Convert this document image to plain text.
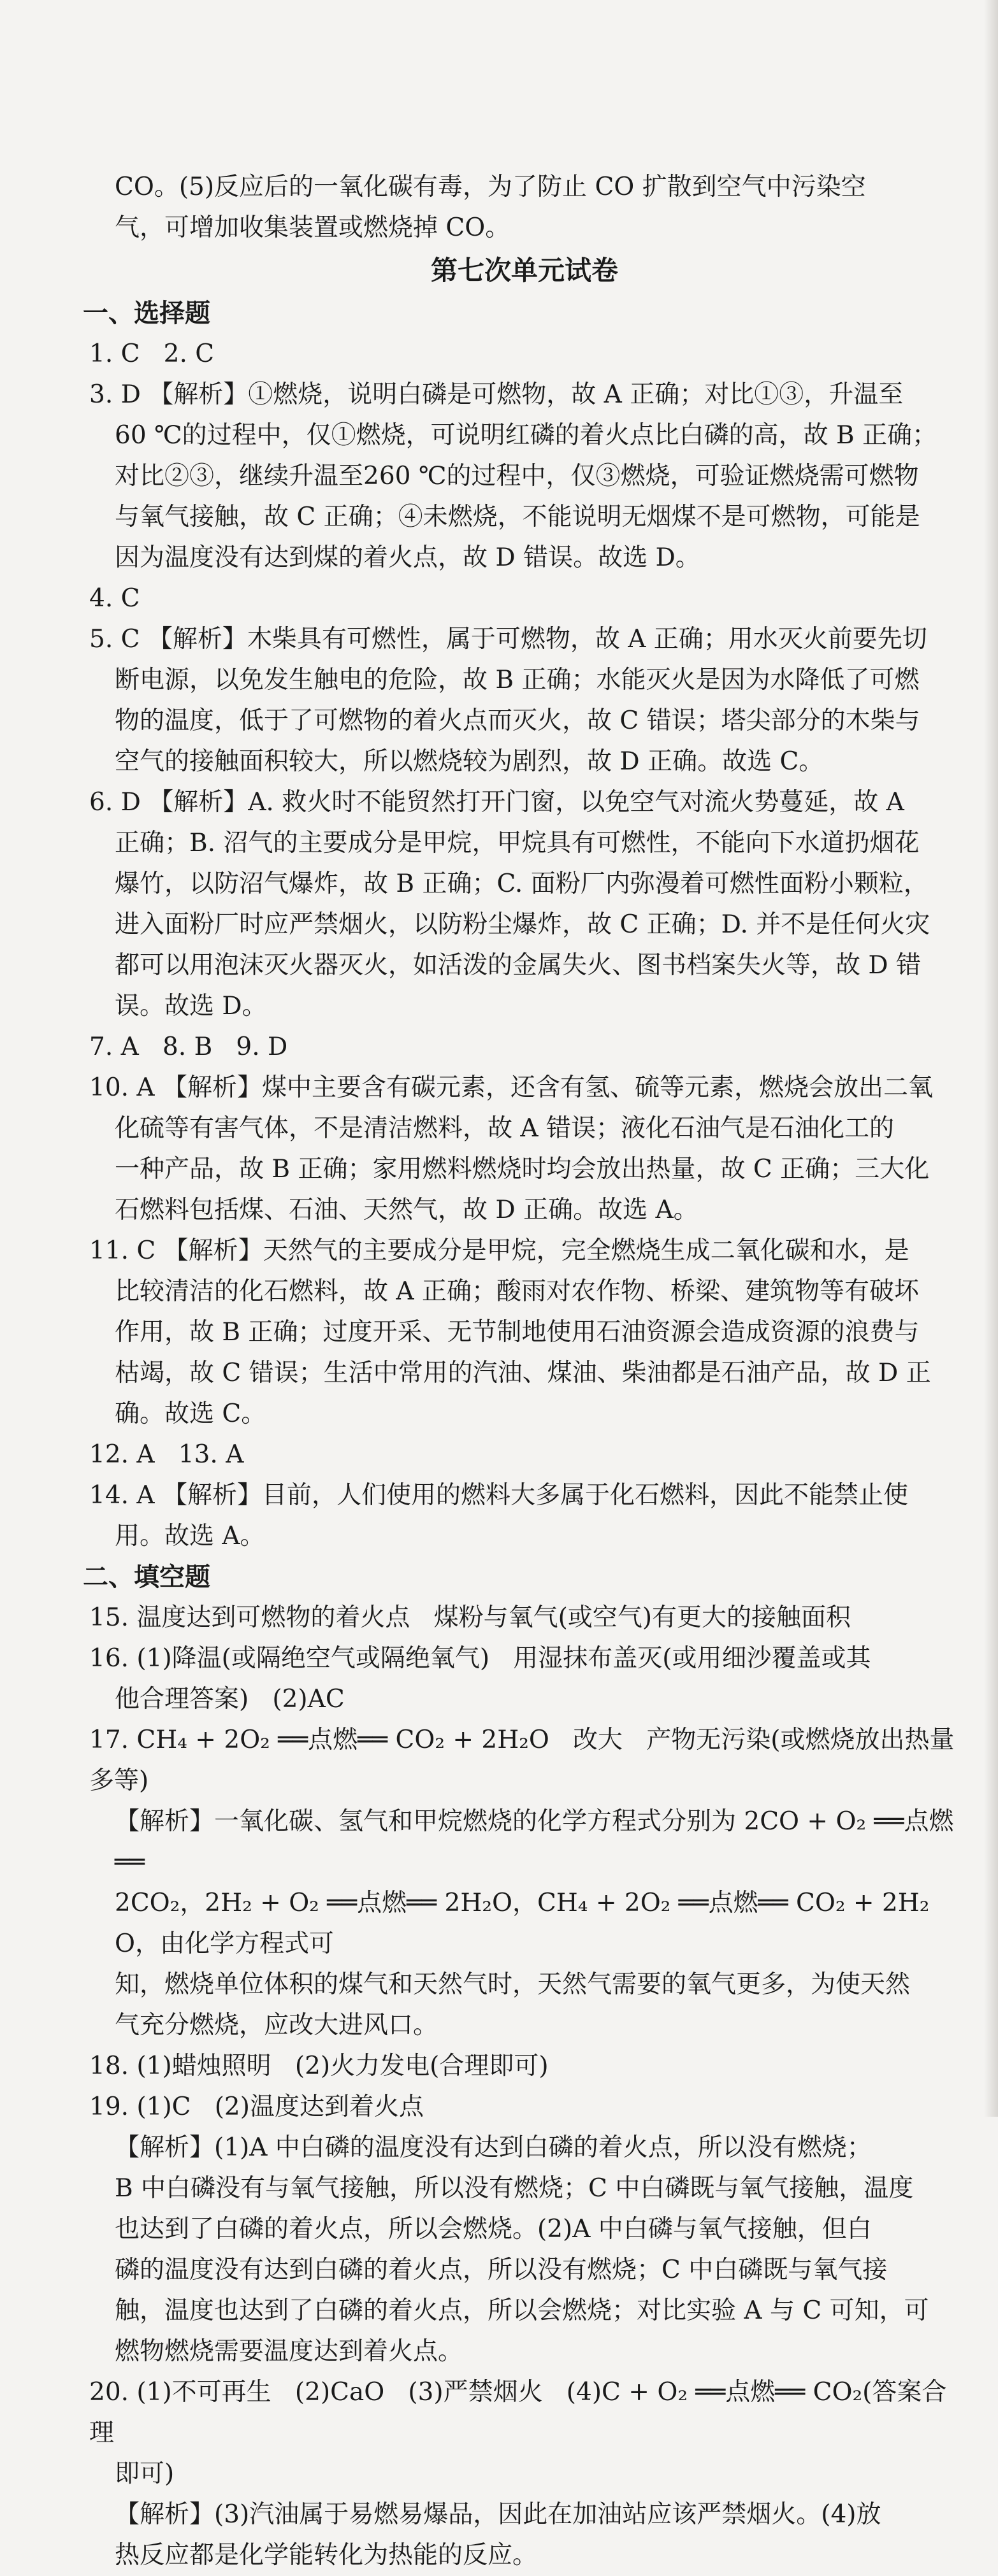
CO。(5)反应后的一氧化碳有毒，为了防止 CO 扩散到空气中污染空
气，可增加收集装置或燃烧掉 CO。
第七次单元试卷
一、选择题
1. C   2. C
3. D 【解析】①燃烧，说明白磷是可燃物，故 A 正确；对比①③，升温至
60 ℃的过程中，仅①燃烧，可说明红磷的着火点比白磷的高，故 B 正确；
对比②③，继续升温至260 ℃的过程中，仅③燃烧，可验证燃烧需可燃物
与氧气接触，故 C 正确；④未燃烧，不能说明无烟煤不是可燃物，可能是
因为温度没有达到煤的着火点，故 D 错误。故选 D。
4. C
5. C 【解析】木柴具有可燃性，属于可燃物，故 A 正确；用水灭火前要先切
断电源，以免发生触电的危险，故 B 正确；水能灭火是因为水降低了可燃
物的温度，低于了可燃物的着火点而灭火，故 C 错误；塔尖部分的木柴与
空气的接触面积较大，所以燃烧较为剧烈，故 D 正确。故选 C。
6. D 【解析】A. 救火时不能贸然打开门窗，以免空气对流火势蔓延，故 A
正确；B. 沼气的主要成分是甲烷，甲烷具有可燃性，不能向下水道扔烟花
爆竹，以防沼气爆炸，故 B 正确；C. 面粉厂内弥漫着可燃性面粉小颗粒，
进入面粉厂时应严禁烟火，以防粉尘爆炸，故 C 正确；D. 并不是任何火灾
都可以用泡沫灭火器灭火，如活泼的金属失火、图书档案失火等，故 D 错
误。故选 D。
7. A   8. B   9. D
10. A 【解析】煤中主要含有碳元素，还含有氢、硫等元素，燃烧会放出二氧
化硫等有害气体，不是清洁燃料，故 A 错误；液化石油气是石油化工的
一种产品，故 B 正确；家用燃料燃烧时均会放出热量，故 C 正确；三大化
石燃料包括煤、石油、天然气，故 D 正确。故选 A。
11. C 【解析】天然气的主要成分是甲烷，完全燃烧生成二氧化碳和水，是
比较清洁的化石燃料，故 A 正确；酸雨对农作物、桥梁、建筑物等有破坏
作用，故 B 正确；过度开采、无节制地使用石油资源会造成资源的浪费与
枯竭，故 C 错误；生活中常用的汽油、煤油、柴油都是石油产品，故 D 正
确。故选 C。
12. A   13. A
14. A 【解析】目前，人们使用的燃料大多属于化石燃料，因此不能禁止使
用。故选 A。
二、填空题
15. 温度达到可燃物的着火点   煤粉与氧气(或空气)有更大的接触面积
16. (1)降温(或隔绝空气或隔绝氧气)   用湿抹布盖灭(或用细沙覆盖或其
他合理答案)   (2)AC
17. CH₄ + 2O₂ ══点燃══ CO₂ + 2H₂O   改大   产物无污染(或燃烧放出热量多等)
【解析】一氧化碳、氢气和甲烷燃烧的化学方程式分别为 2CO + O₂ ══点燃══
2CO₂，2H₂ + O₂ ══点燃══ 2H₂O，CH₄ + 2O₂ ══点燃══ CO₂ + 2H₂O，由化学方程式可
知，燃烧单位体积的煤气和天然气时，天然气需要的氧气更多，为使天然
气充分燃烧，应改大进风口。
18. (1)蜡烛照明   (2)火力发电(合理即可)
19. (1)C   (2)温度达到着火点
【解析】(1)A 中白磷的温度没有达到白磷的着火点，所以没有燃烧；
B 中白磷没有与氧气接触，所以没有燃烧；C 中白磷既与氧气接触，温度
也达到了白磷的着火点，所以会燃烧。(2)A 中白磷与氧气接触，但白
磷的温度没有达到白磷的着火点，所以没有燃烧；C 中白磷既与氧气接
触，温度也达到了白磷的着火点，所以会燃烧；对比实验 A 与 C 可知，可
燃物燃烧需要温度达到着火点。
20. (1)不可再生   (2)CaO   (3)严禁烟火   (4)C + O₂ ══点燃══ CO₂(答案合理
即可)
【解析】(3)汽油属于易燃易爆品，因此在加油站应该严禁烟火。(4)放
热反应都是化学能转化为热能的反应。
